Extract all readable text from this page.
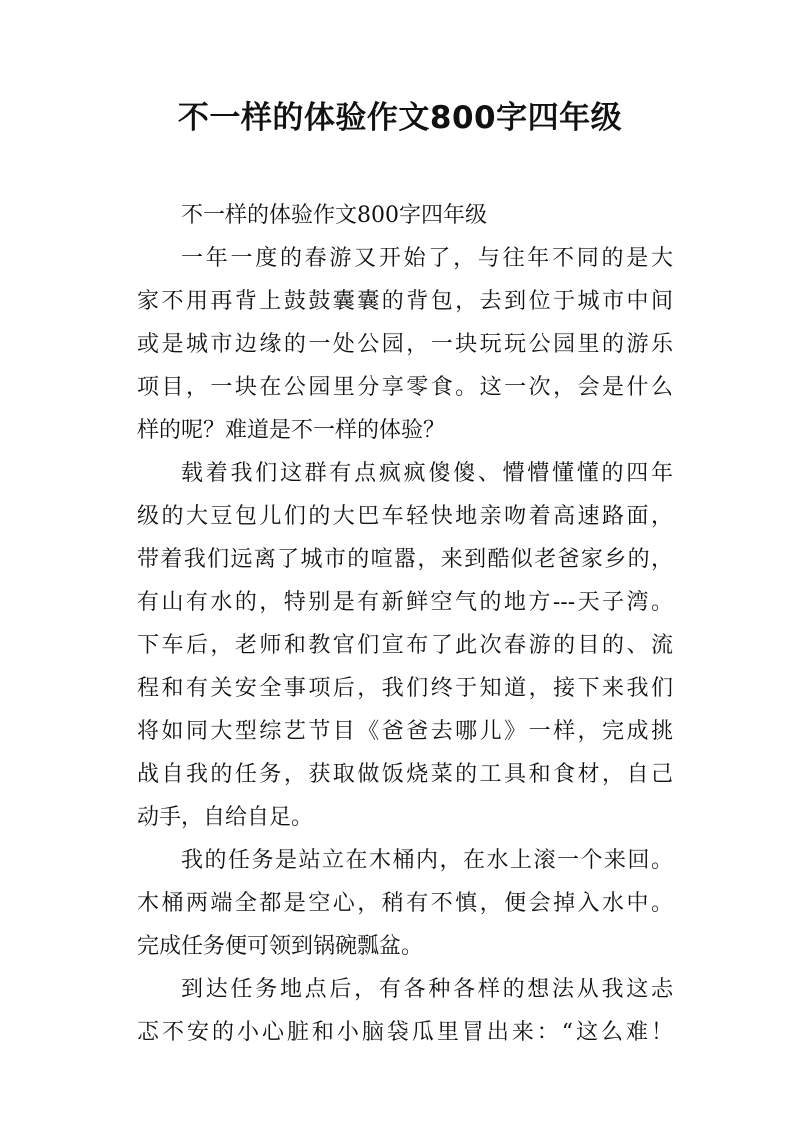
不一样的体验作文800字四年级
不一样的体验作文800字四年级
一年一度的春游又开始了，与往年不同的是大
家不用再背上鼓鼓囊囊的背包，去到位于城市中间
或是城市边缘的一处公园，一块玩玩公园里的游乐
项目，一块在公园里分享零食。这一次，会是什么
样的呢？难道是不一样的体验？
载着我们这群有点疯疯傻傻、懵懵懂懂的四年
级的大豆包儿们的大巴车轻快地亲吻着高速路面，
带着我们远离了城市的喧嚣，来到酷似老爸家乡的，
有山有水的，特别是有新鲜空气的地方---天子湾。
下车后，老师和教官们宣布了此次春游的目的、流
程和有关安全事项后，我们终于知道，接下来我们
将如同大型综艺节目《爸爸去哪儿》一样，完成挑
战自我的任务，获取做饭烧菜的工具和食材，自己
动手，自给自足。
我的任务是站立在木桶内，在水上滚一个来回。
木桶两端全都是空心，稍有不慎，便会掉入水中。
完成任务便可领到锅碗瓢盆。
到达任务地点后，有各种各样的想法从我这忐
忑不安的小心脏和小脑袋瓜里冒出来：“这么难！
